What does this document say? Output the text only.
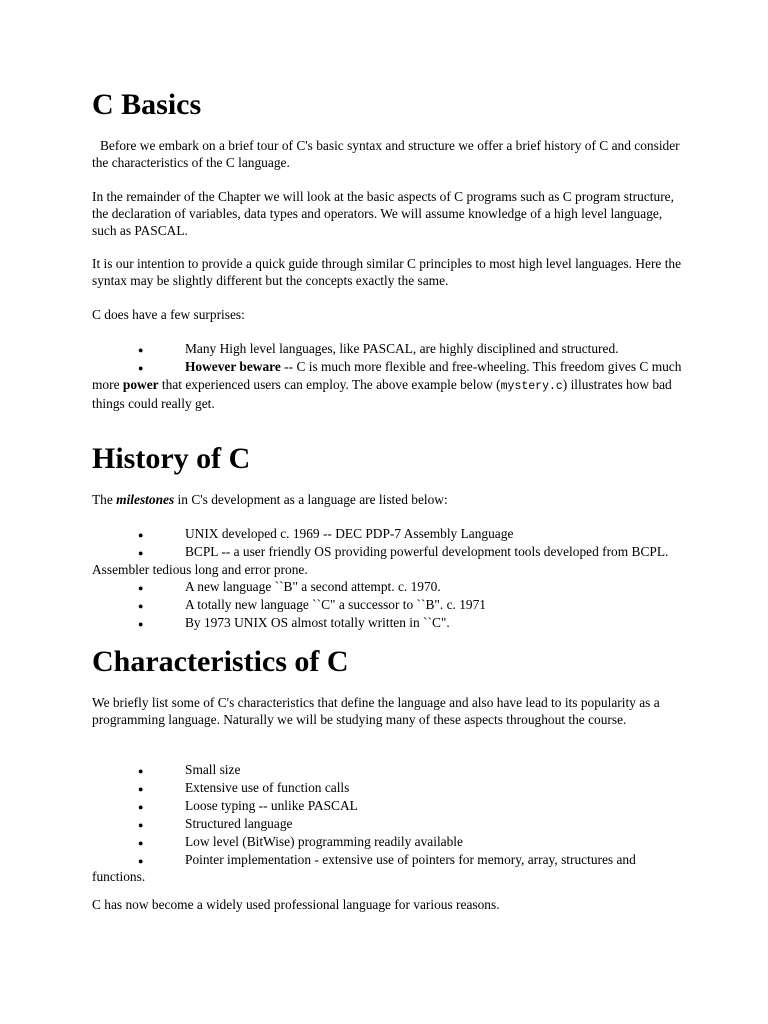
C Basics

Before we embark on a brief tour of C's basic syntax and structure we offer a brief history of C and consider the characteristics of the C language.

In the remainder of the Chapter we will look at the basic aspects of C programs such as C program structure, the declaration of variables, data types and operators. We will assume knowledge of a high level language, such as PASCAL.

It is our intention to provide a quick guide through similar C principles to most high level languages. Here the syntax may be slightly different but the concepts exactly the same.

C does have a few surprises:

●	Many High level languages, like PASCAL, are highly disciplined and structured.
●	However beware -- C is much more flexible and free-wheeling. This freedom gives C much more power that experienced users can employ. The above example below (mystery.c) illustrates how bad things could really get.
History of C

The milestones in C's development as a language are listed below:

●	UNIX developed c. 1969 -- DEC PDP-7 Assembly Language
●	BCPL -- a user friendly OS providing powerful development tools developed from BCPL. Assembler tedious long and error prone.
●	A new language ``B" a second attempt. c. 1970.
●	A totally new language ``C" a successor to ``B". c. 1971
●	By 1973 UNIX OS almost totally written in ``C".
Characteristics of C

We briefly list some of C's characteristics that define the language and also have lead to its popularity as a programming language. Naturally we will be studying many of these aspects throughout the course.

●	Small size
●	Extensive use of function calls
●	Loose typing -- unlike PASCAL
●	Structured language
●	Low level (BitWise) programming readily available
●	Pointer implementation - extensive use of pointers for memory, array, structures and functions.

C has now become a widely used professional language for various reasons.
